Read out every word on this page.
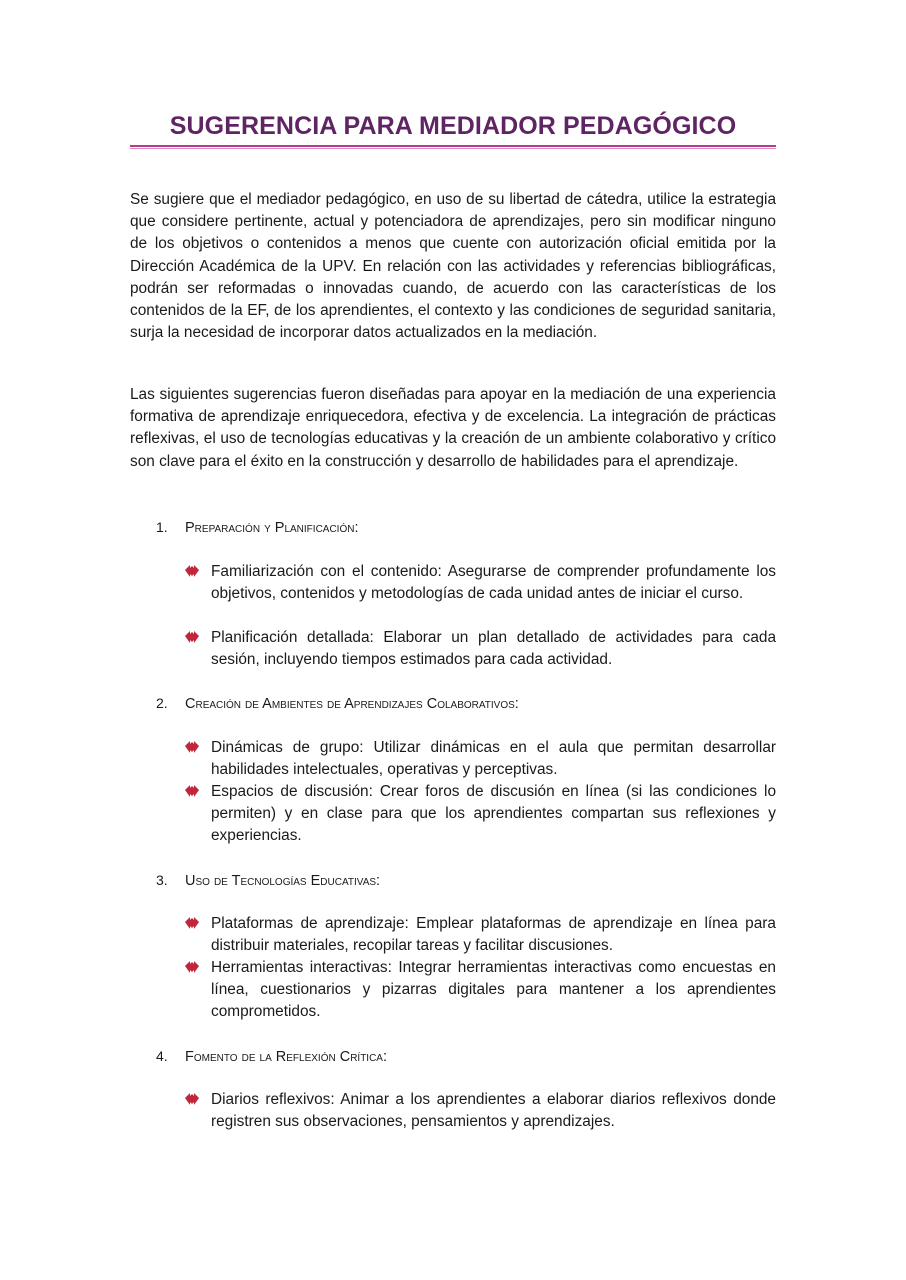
SUGERENCIA PARA MEDIADOR PEDAGÓGICO

Se sugiere que el mediador pedagógico, en uso de su libertad de cátedra, utilice la estrategia que considere pertinente, actual y potenciadora de aprendizajes, pero sin modificar ninguno de los objetivos o contenidos a menos que cuente con autorización oficial emitida por la Dirección Académica de la UPV. En relación con las actividades y referencias bibliográficas, podrán ser reformadas o innovadas cuando, de acuerdo con las características de los contenidos de la EF, de los aprendientes, el contexto y las condiciones de seguridad sanitaria, surja la necesidad de incorporar datos actualizados en la mediación.

Las siguientes sugerencias fueron diseñadas para apoyar en la mediación de una experiencia formativa de aprendizaje enriquecedora, efectiva y de excelencia. La integración de prácticas reflexivas, el uso de tecnologías educativas y la creación de un ambiente colaborativo y crítico son clave para el éxito en la construcción y desarrollo de habilidades para el aprendizaje.

1. Preparación y Planificación:
Familiarización con el contenido: Asegurarse de comprender profundamente los objetivos, contenidos y metodologías de cada unidad antes de iniciar el curso.
Planificación detallada: Elaborar un plan detallado de actividades para cada sesión, incluyendo tiempos estimados para cada actividad.
2. Creación de Ambientes de Aprendizajes Colaborativos:
Dinámicas de grupo: Utilizar dinámicas en el aula que permitan desarrollar habilidades intelectuales, operativas y perceptivas.
Espacios de discusión: Crear foros de discusión en línea (si las condiciones lo permiten) y en clase para que los aprendientes compartan sus reflexiones y experiencias.
3. Uso de Tecnologías Educativas:
Plataformas de aprendizaje: Emplear plataformas de aprendizaje en línea para distribuir materiales, recopilar tareas y facilitar discusiones.
Herramientas interactivas: Integrar herramientas interactivas como encuestas en línea, cuestionarios y pizarras digitales para mantener a los aprendientes comprometidos.
4. Fomento de la Reflexión Crítica:
Diarios reflexivos: Animar a los aprendientes a elaborar diarios reflexivos donde registren sus observaciones, pensamientos y aprendizajes.
